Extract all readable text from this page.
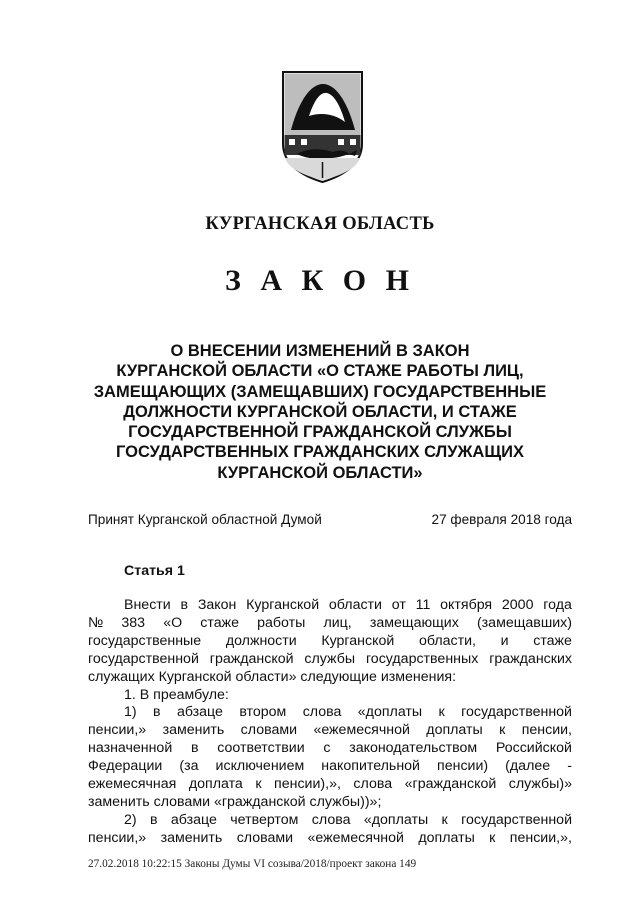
КУРГАНСКАЯ ОБЛАСТЬ
З А К О Н
О ВНЕСЕНИИ ИЗМЕНЕНИЙ В ЗАКОН
КУРГАНСКОЙ ОБЛАСТИ «О СТАЖЕ РАБОТЫ ЛИЦ,
ЗАМЕЩАЮЩИХ (ЗАМЕЩАВШИХ) ГОСУДАРСТВЕННЫЕ
ДОЛЖНОСТИ КУРГАНСКОЙ ОБЛАСТИ, И СТАЖЕ
ГОСУДАРСТВЕННОЙ ГРАЖДАНСКОЙ СЛУЖБЫ
ГОСУДАРСТВЕННЫХ ГРАЖДАНСКИХ СЛУЖАЩИХ
КУРГАНСКОЙ ОБЛАСТИ»
Принят Курганской областной Думой	27 февраля 2018 года
Статья 1
Внести в Закон Курганской области от 11 октября 2000 года
№ 383 «О стаже работы лиц, замещающих (замещавших)
государственные должности Курганской области, и стаже
государственной гражданской службы государственных гражданских
служащих Курганской области» следующие изменения:
1. В преамбуле:
1) в абзаце втором слова «доплаты к государственной
пенсии,» заменить словами «ежемесячной доплаты к пенсии,
назначенной в соответствии с законодательством Российской
Федерации (за исключением накопительной пенсии) (далее -
ежемесячная доплата к пенсии),», слова «гражданской службы)»
заменить словами «гражданской службы))»;
2) в абзаце четвертом слова «доплаты к государственной
пенсии,» заменить словами «ежемесячной доплаты к пенсии,»,
27.02.2018 10:22:15 Законы Думы VI созыва/2018/проект закона 149
